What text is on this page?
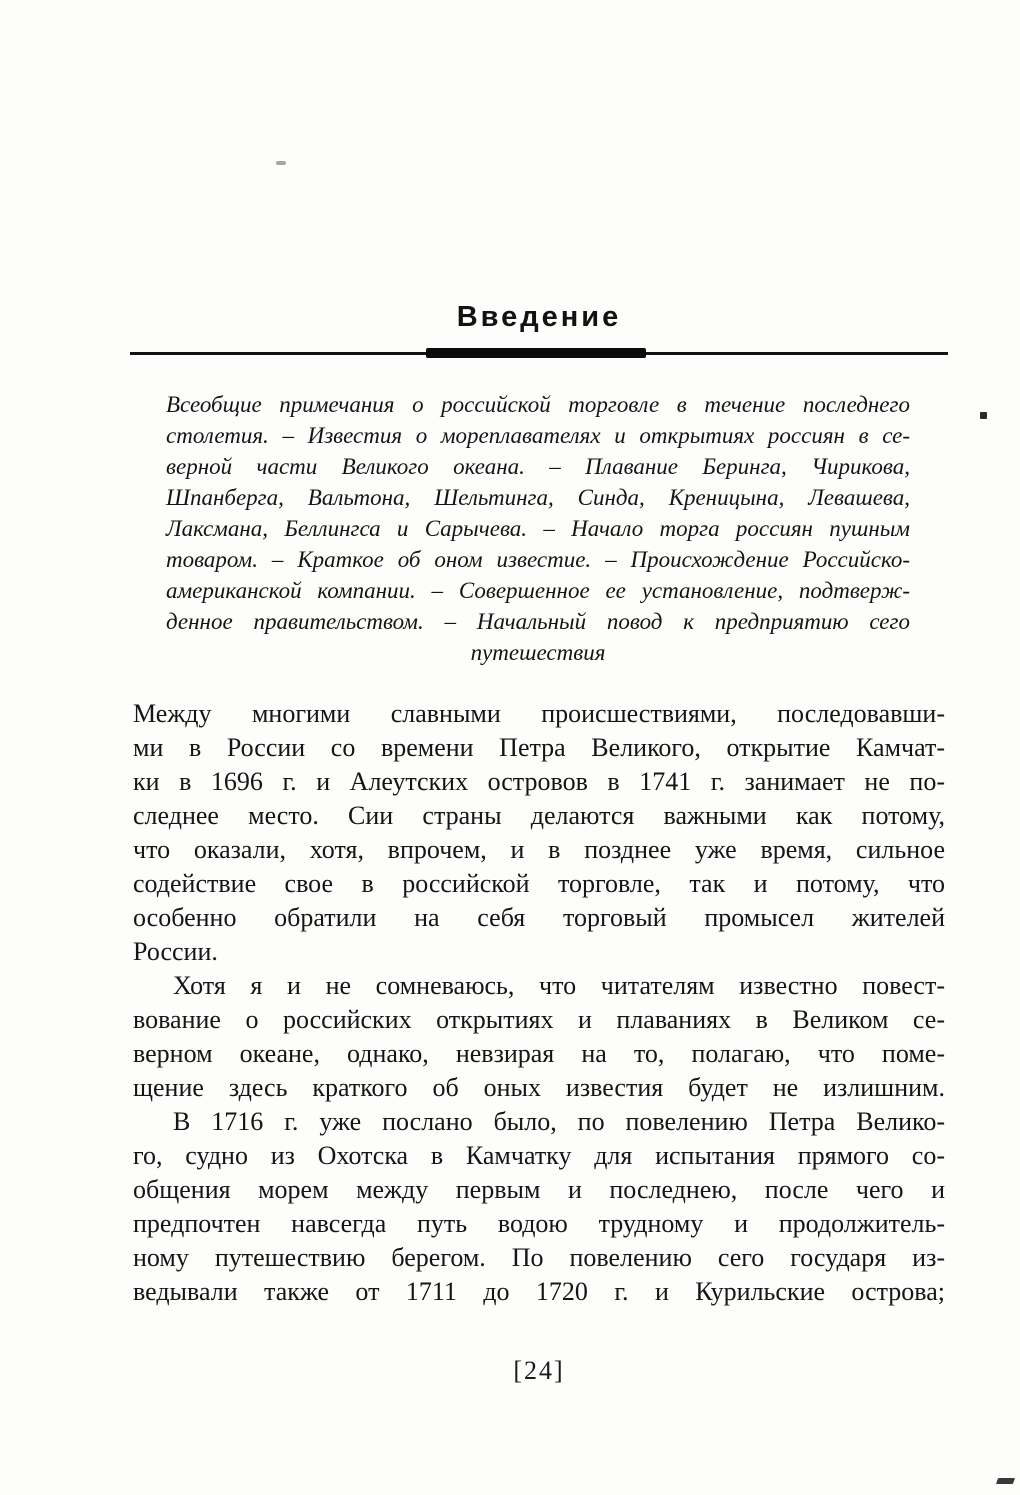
Введение
Всеобщие примечания о российской торговле в течение последнего
столетия. – Известия о мореплавателях и открытиях россиян в се-
верной части Великого океана. – Плавание Беринга, Чирикова,
Шпанберга, Вальтона, Шельтинга, Синда, Креницына, Левашева,
Лаксмана, Беллингса и Сарычева. – Начало торга россиян пушным
товаром. – Краткое об оном известие. – Происхождение Российско-
американской компании. – Совершенное ее установление, подтверж-
денное правительством. – Начальный повод к предприятию сего
путешествия
Между многими славными происшествиями, последовавши-
ми в России со времени Петра Великого, открытие Камчат-
ки в 1696 г. и Алеутских островов в 1741 г. занимает не по-
следнее место. Сии страны делаются важными как потому,
что оказали, хотя, впрочем, и в позднее уже время, сильное
содействие свое в российской торговле, так и потому, что
особенно обратили на себя торговый промысел жителей
России.
Хотя я и не сомневаюсь, что читателям известно повест-
вование о российских открытиях и плаваниях в Великом се-
верном океане, однако, невзирая на то, полагаю, что поме-
щение здесь краткого об оных известия будет не излишним.
В 1716 г. уже послано было, по повелению Петра Велико-
го, судно из Охотска в Камчатку для испытания прямого со-
общения морем между первым и последнею, после чего и
предпочтен навсегда путь водою трудному и продолжитель-
ному путешествию берегом. По повелению сего государя из-
ведывали также от 1711 до 1720 г. и Курильские острова;
[24]
